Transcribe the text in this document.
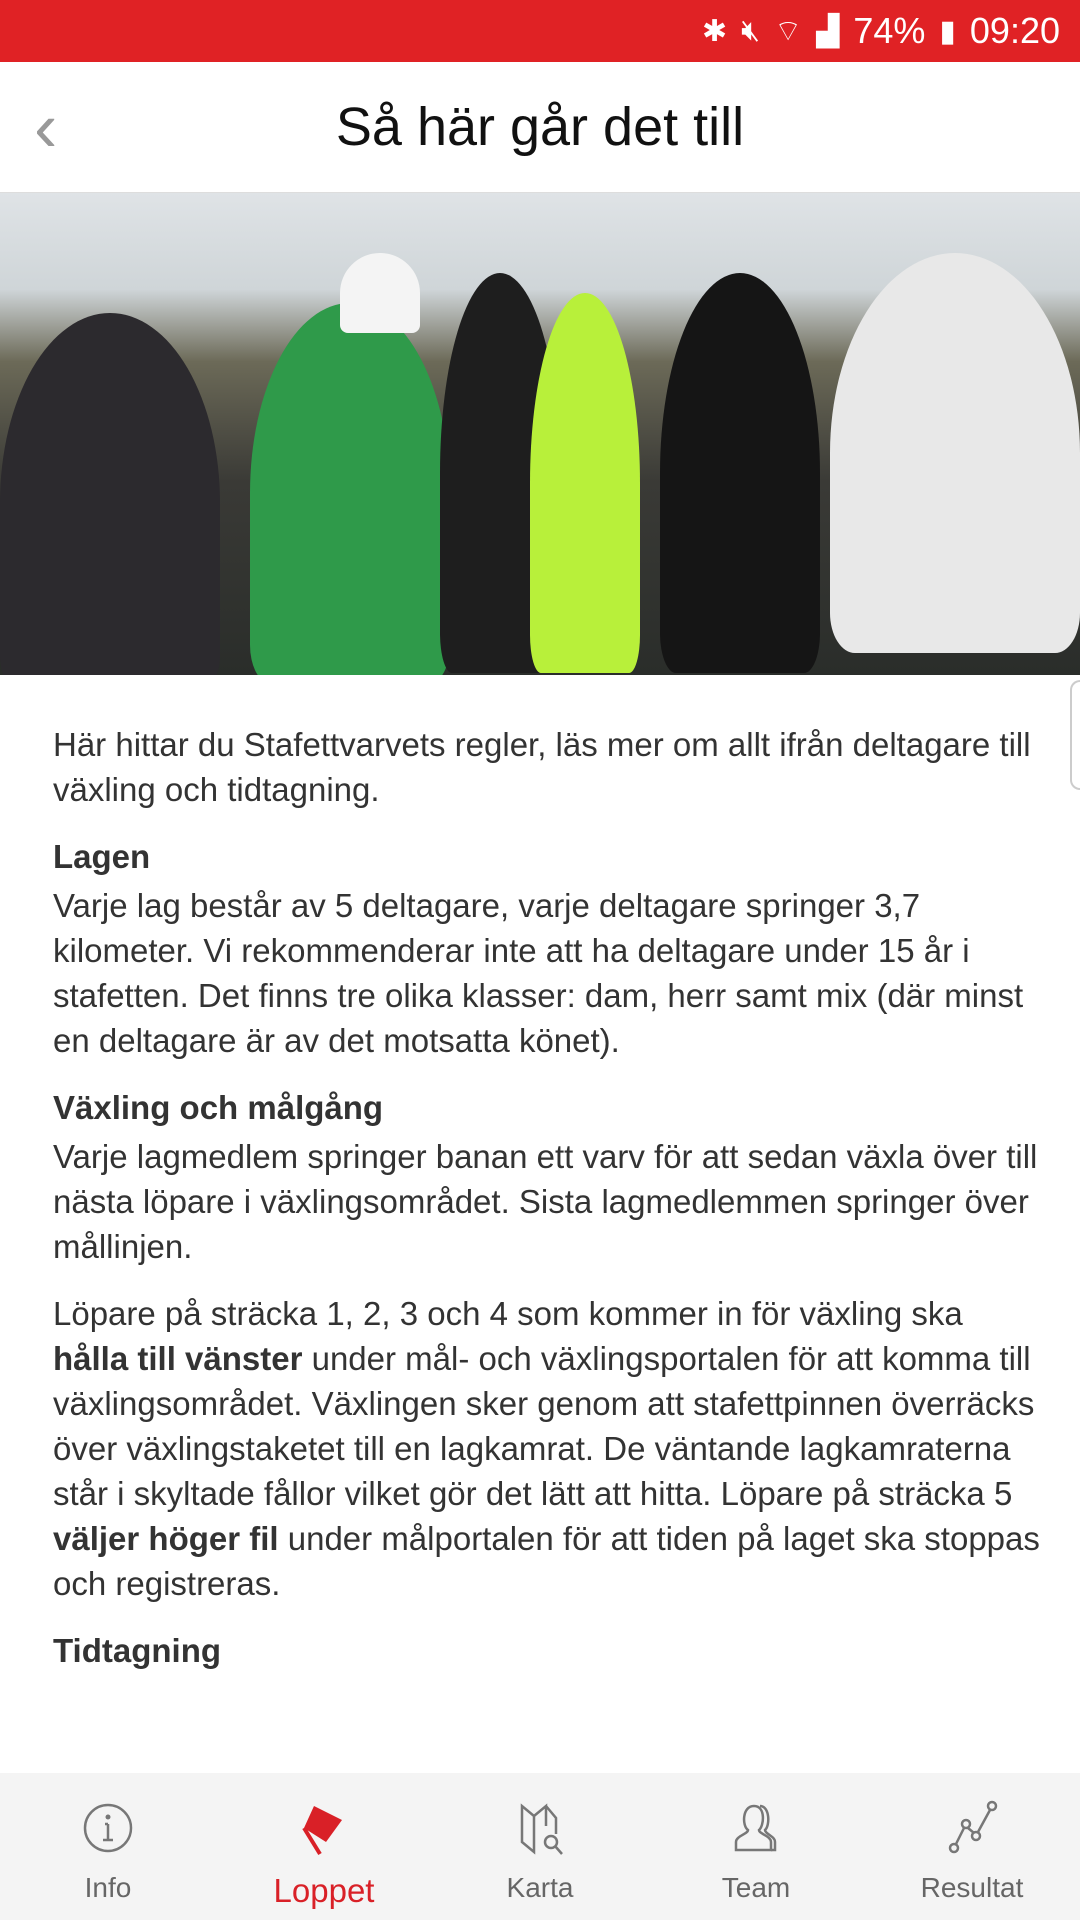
✱ 🔇︎ ⌔ ▟ 74% ▮ 09:20
‹	Så här går det till

Här hittar du Stafettvarvets regler, läs mer om allt ifrån deltagare till växling och tidtagning.

Lagen

Varje lag består av 5 deltagare, varje deltagare springer 3,7 kilometer. Vi rekommenderar inte att ha deltagare under 15 år i stafetten. Det finns tre olika klasser: dam, herr samt mix (där minst en deltagare är av det motsatta könet).

Växling och målgång

Varje lagmedlem springer banan ett varv för att sedan växla över till nästa löpare i växlingsområdet. Sista lagmedlemmen springer över mållinjen.

Löpare på sträcka 1, 2, 3 och 4 som kommer in för växling ska hålla till vänster under mål- och växlingsportalen för att komma till växlingsområdet. Växlingen sker genom att stafettpinnen överräcks över växlingstaketet till en lagkamrat. De väntande lagkamraterna står i skyltade fållor vilket gör det lätt att hitta. Löpare på sträcka 5 väljer höger fil under målportalen för att tiden på laget ska stoppas och registreras.

Tidtagning
Info	Loppet	Karta	Team	Resultat
